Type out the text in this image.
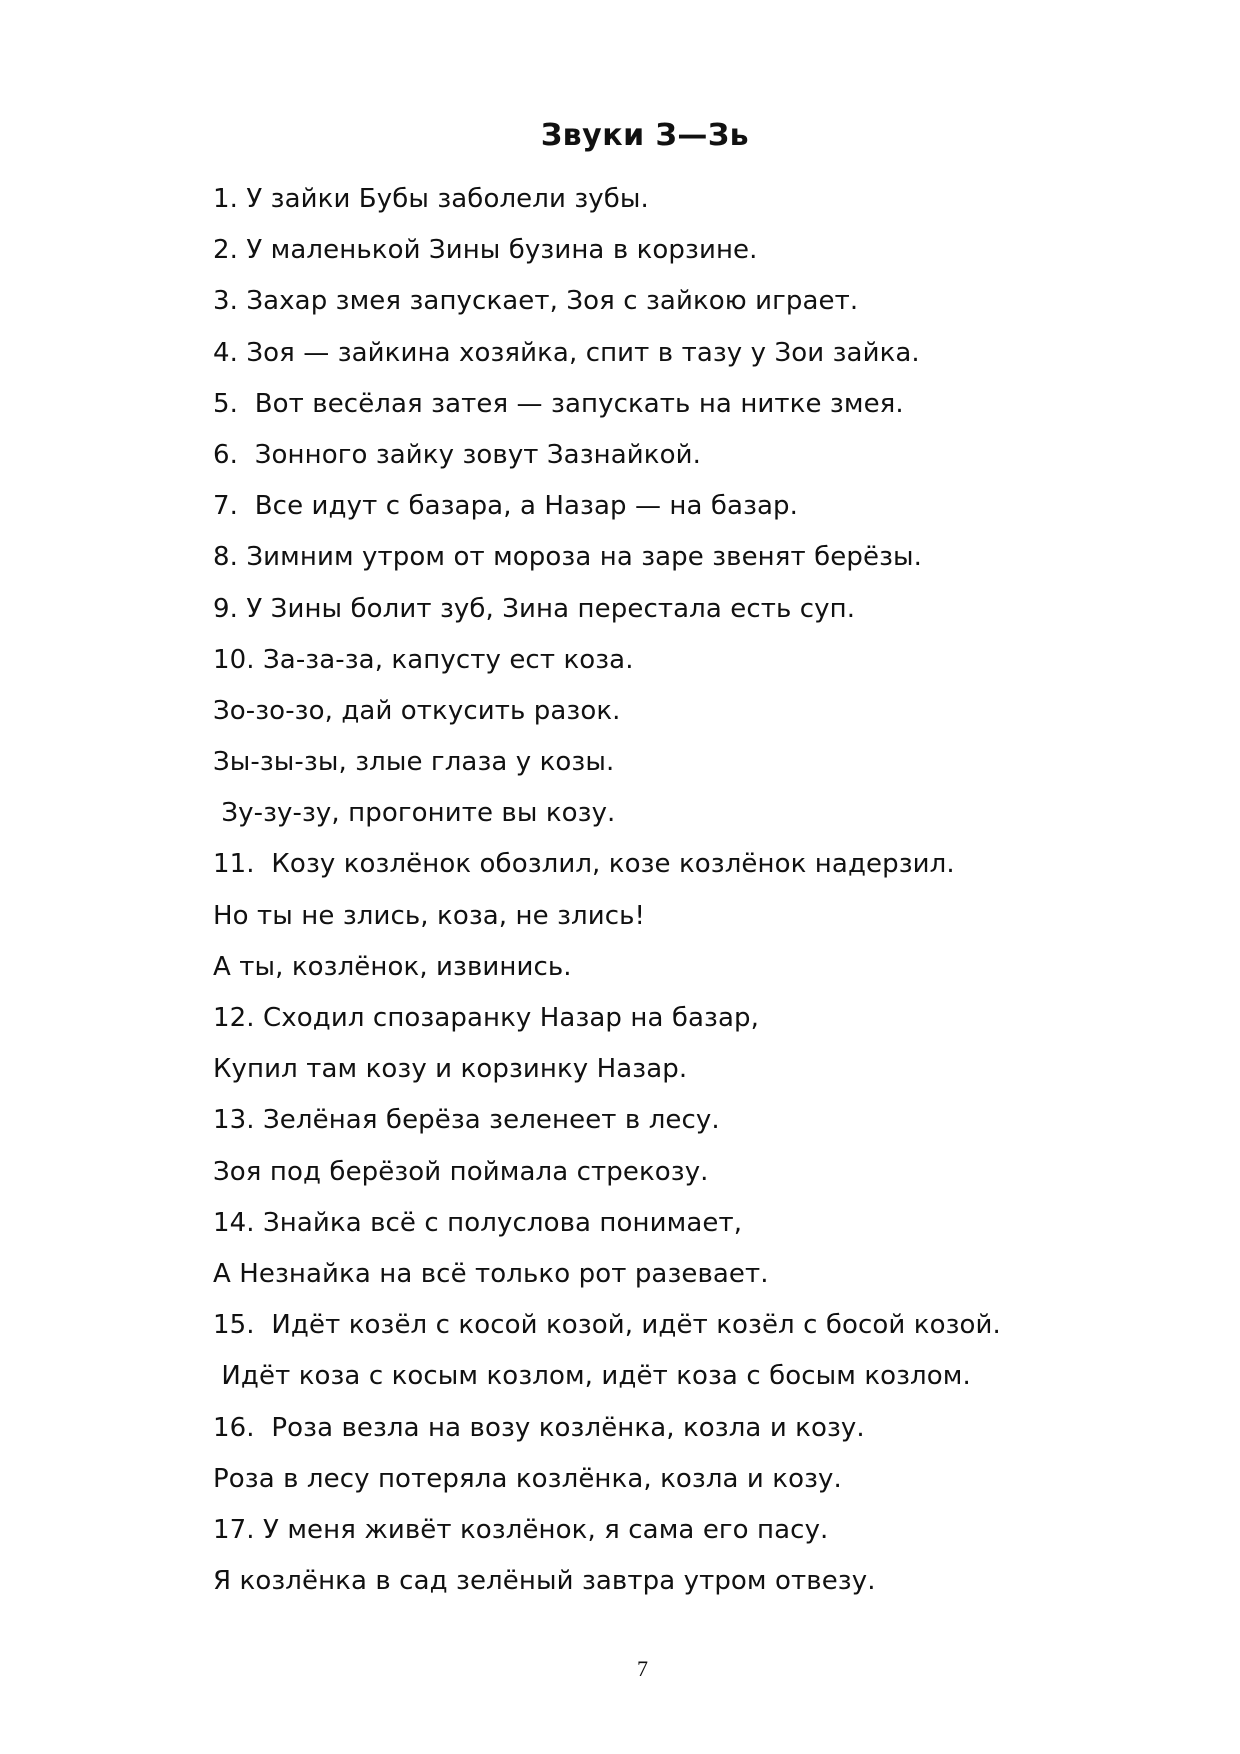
Звуки З—Зь
1. У зайки Бубы заболели зубы.
2. У маленькой Зины бузина в корзине.
3. Захар змея запускает, Зоя с зайкою играет.
4. Зоя — зайкина хозяйка, спит в тазу у Зои зайка.
5.  Вот весёлая затея — запускать на нитке змея.
6.  Зонного зайку зовут Зазнайкой.
7.  Все идут с базара, а Назар — на базар.
8. Зимним утром от мороза на заре звенят берёзы.
9. У Зины болит зуб, Зина перестала есть суп.
10. За-за-за, капусту ест коза.
Зо-зо-зо, дай откусить разок.
Зы-зы-зы, злые глаза у козы.
Зу-зу-зу, прогоните вы козу.
11.  Козу козлёнок обозлил, козе козлёнок надерзил.
Но ты не злись, коза, не злись!
А ты, козлёнок, извинись.
12. Сходил спозаранку Назар на базар,
Купил там козу и корзинку Назар.
13. Зелёная берёза зеленеет в лесу.
Зоя под берёзой поймала стрекозу.
14. Знайка всё с полуслова понимает,
А Незнайка на всё только рот разевает.
15.  Идёт козёл с косой козой, идёт козёл с босой козой.
Идёт коза с косым козлом, идёт коза с босым козлом.
16.  Роза везла на возу козлёнка, козла и козу.
Роза в лесу потеряла козлёнка, козла и козу.
17. У меня живёт козлёнок, я сама его пасу.
Я козлёнка в сад зелёный завтра утром отвезу.
7
